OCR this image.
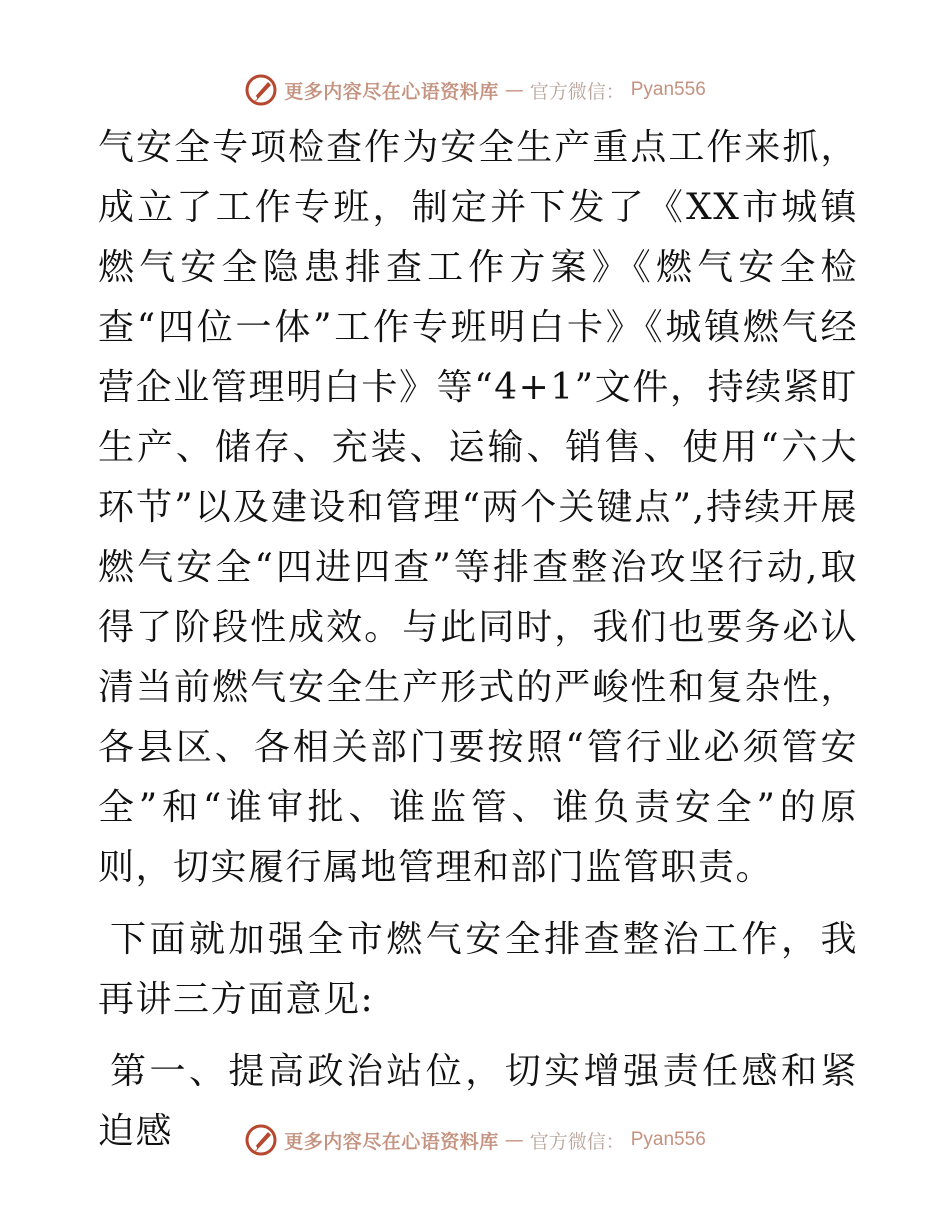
更多内容尽在心语资料库 — 官方微信： Pyan556

气安全专项检查作为安全生产重点工作来抓，成立了工作专班，制定并下发了《XX市城镇燃气安全隐患排查工作方案》《燃气安全检查“四位一体”工作专班明白卡》《城镇燃气经营企业管理明白卡》等“4+1”文件，持续紧盯生产、储存、充装、运输、销售、使用“六大环节”以及建设和管理“两个关键点”,持续开展燃气安全“四进四查”等排查整治攻坚行动,取得了阶段性成效。与此同时，我们也要务必认清当前燃气安全生产形式的严峻性和复杂性，各县区、各相关部门要按照“管行业必须管安全”和“谁审批、谁监管、谁负责安全”的原则，切实履行属地管理和部门监管职责。

下面就加强全市燃气安全排查整治工作，我再讲三方面意见:

第一、提高政治站位，切实增强责任感和紧迫感	更多内容尽在心语资料库 — 官方微信： Pyan556
